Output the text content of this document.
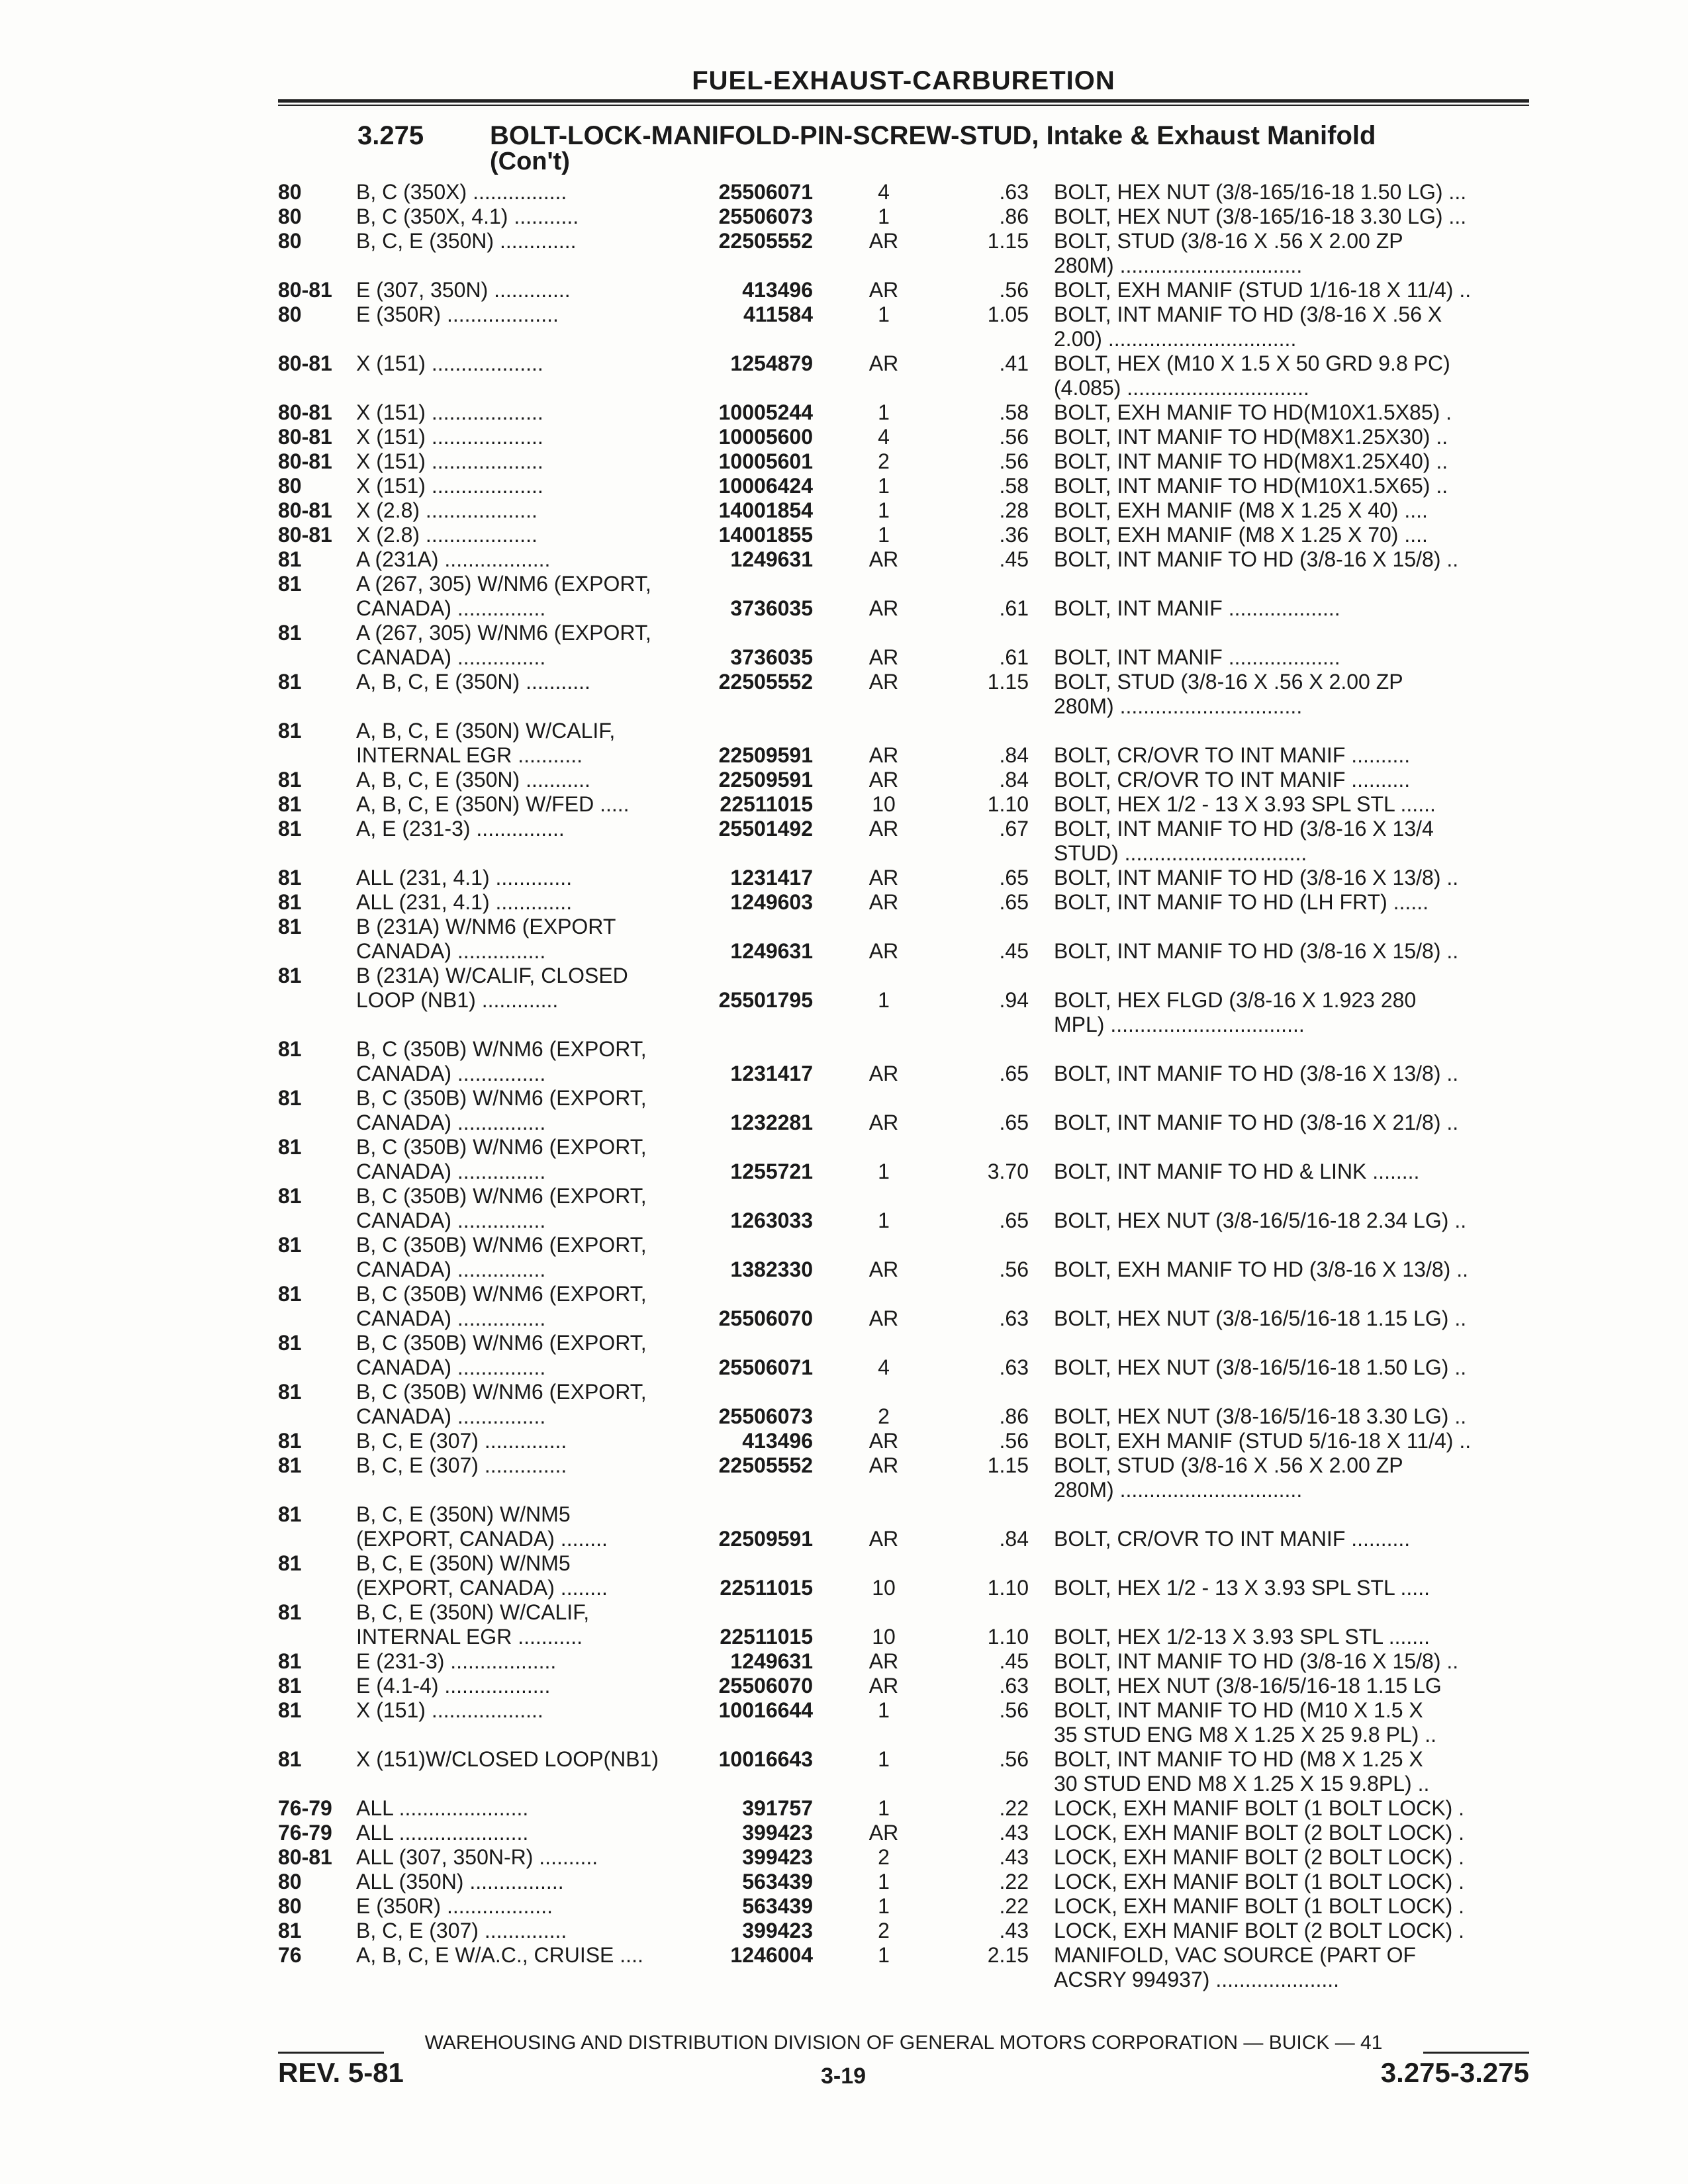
FUEL-EXHAUST-CARBURETION
3.275 BOLT-LOCK-MANIFOLD-PIN-SCREW-STUD, Intake & Exhaust Manifold
(Con't)
80	B, C (350X) ................	25506071	4	.63 BOLT, HEX NUT (3/8-165/16-18 1.50 LG) ...
80	B, C (350X, 4.1) ...........	25506073	1	.86 BOLT, HEX NUT (3/8-165/16-18 3.30 LG) ...
80	B, C, E (350N) .............	22505552	AR	1.15 BOLT, STUD (3/8-16 X .56 X 2.00 ZP
280M) ...............................
80-81 E (307, 350N) .............	413496	AR	.56 BOLT, EXH MANIF (STUD 1/16-18 X 11/4) ..
80	E (350R) ...................	411584	1	1.05 BOLT, INT MANIF TO HD (3/8-16 X .56 X
2.00) ................................
80-81 X (151) ...................	1254879	AR	.41 BOLT, HEX (M10 X 1.5 X 50 GRD 9.8 PC)
(4.085) ...............................
80-81 X (151) ...................	10005244	1	.58 BOLT, EXH MANIF TO HD(M10X1.5X85) .
80-81 X (151) ...................	10005600	4	.56 BOLT, INT MANIF TO HD(M8X1.25X30) ..
80-81 X (151) ...................	10005601	2	.56 BOLT, INT MANIF TO HD(M8X1.25X40) ..
80	X (151) ...................	10006424	1	.58 BOLT, INT MANIF TO HD(M10X1.5X65) ..
80-81 X (2.8) ...................	14001854	1	.28 BOLT, EXH MANIF (M8 X 1.25 X 40) ....
80-81 X (2.8) ...................	14001855	1	.36 BOLT, EXH MANIF (M8 X 1.25 X 70) ....
81	A (231A) ..................	1249631	AR	.45 BOLT, INT MANIF TO HD (3/8-16 X 15/8) ..
81	A (267, 305) W/NM6 (EXPORT,
CANADA) ...............	3736035	AR	.61 BOLT, INT MANIF ...................
81	A (267, 305) W/NM6 (EXPORT,
CANADA) ...............	3736035	AR	.61 BOLT, INT MANIF ...................
81	A, B, C, E (350N) ...........	22505552	AR	1.15 BOLT, STUD (3/8-16 X .56 X 2.00 ZP
280M) ...............................
81	A, B, C, E (350N) W/CALIF,
INTERNAL EGR ...........	22509591	AR	.84 BOLT, CR/OVR TO INT MANIF ..........
81	A, B, C, E (350N) ...........	22509591	AR	.84 BOLT, CR/OVR TO INT MANIF ..........
81	A, B, C, E (350N) W/FED .....	22511015	10	1.10 BOLT, HEX 1/2 - 13 X 3.93 SPL STL ......
81	A, E (231-3) ...............	25501492	AR	.67 BOLT, INT MANIF TO HD (3/8-16 X 13/4
STUD) ...............................
81	ALL (231, 4.1) .............	1231417	AR	.65 BOLT, INT MANIF TO HD (3/8-16 X 13/8) ..
81	ALL (231, 4.1) .............	1249603	AR	.65 BOLT, INT MANIF TO HD (LH FRT) ......
81	B (231A) W/NM6 (EXPORT
CANADA) ...............	1249631	AR	.45 BOLT, INT MANIF TO HD (3/8-16 X 15/8) ..
81	B (231A) W/CALIF, CLOSED
LOOP (NB1) .............	25501795	1	.94 BOLT, HEX FLGD (3/8-16 X 1.923 280
MPL) .................................
81	B, C (350B) W/NM6 (EXPORT,
CANADA) ...............	1231417	AR	.65 BOLT, INT MANIF TO HD (3/8-16 X 13/8) ..
81	B, C (350B) W/NM6 (EXPORT,
CANADA) ...............	1232281	AR	.65 BOLT, INT MANIF TO HD (3/8-16 X 21/8) ..
81	B, C (350B) W/NM6 (EXPORT,
CANADA) ...............	1255721	1	3.70 BOLT, INT MANIF TO HD & LINK ........
81	B, C (350B) W/NM6 (EXPORT,
CANADA) ...............	1263033	1	.65 BOLT, HEX NUT (3/8-16/5/16-18 2.34 LG) ..
81	B, C (350B) W/NM6 (EXPORT,
CANADA) ...............	1382330	AR	.56 BOLT, EXH MANIF TO HD (3/8-16 X 13/8) ..
81	B, C (350B) W/NM6 (EXPORT,
CANADA) ...............	25506070	AR	.63 BOLT, HEX NUT (3/8-16/5/16-18 1.15 LG) ..
81	B, C (350B) W/NM6 (EXPORT,
CANADA) ...............	25506071	4	.63 BOLT, HEX NUT (3/8-16/5/16-18 1.50 LG) ..
81	B, C (350B) W/NM6 (EXPORT,
CANADA) ...............	25506073	2	.86 BOLT, HEX NUT (3/8-16/5/16-18 3.30 LG) ..
81	B, C, E (307) ..............	413496	AR	.56 BOLT, EXH MANIF (STUD 5/16-18 X 11/4) ..
81	B, C, E (307) ..............	22505552	AR	1.15 BOLT, STUD (3/8-16 X .56 X 2.00 ZP
280M) ...............................
81	B, C, E (350N) W/NM5
(EXPORT, CANADA) ........	22509591	AR	.84 BOLT, CR/OVR TO INT MANIF ..........
81	B, C, E (350N) W/NM5
(EXPORT, CANADA) ........	22511015	10	1.10 BOLT, HEX 1/2 - 13 X 3.93 SPL STL .....
81	B, C, E (350N) W/CALIF,
INTERNAL EGR ...........	22511015	10	1.10 BOLT, HEX 1/2-13 X 3.93 SPL STL .......
81	E (231-3) ..................	1249631	AR	.45 BOLT, INT MANIF TO HD (3/8-16 X 15/8) ..
81	E (4.1-4) ..................	25506070	AR	.63 BOLT, HEX NUT (3/8-16/5/16-18 1.15 LG
81	X (151) ...................	10016644	1	.56 BOLT, INT MANIF TO HD (M10 X 1.5 X
35 STUD ENG M8 X 1.25 X 25 9.8 PL) ..
81	X (151)W/CLOSED LOOP(NB1)	10016643	1	.56 BOLT, INT MANIF TO HD (M8 X 1.25 X
30 STUD END M8 X 1.25 X 15 9.8PL) ..
76-79 ALL ......................	391757	1	.22 LOCK, EXH MANIF BOLT (1 BOLT LOCK) .
76-79 ALL ......................	399423	AR	.43 LOCK, EXH MANIF BOLT (2 BOLT LOCK) .
80-81 ALL (307, 350N-R) ..........	399423	2	.43 LOCK, EXH MANIF BOLT (2 BOLT LOCK) .
80	ALL (350N) ................	563439	1	.22 LOCK, EXH MANIF BOLT (1 BOLT LOCK) .
80	E (350R) ..................	563439	1	.22 LOCK, EXH MANIF BOLT (1 BOLT LOCK) .
81	B, C, E (307) ..............	399423	2	.43 LOCK, EXH MANIF BOLT (2 BOLT LOCK) .
76	A, B, C, E W/A.C., CRUISE ....	1246004	1	2.15 MANIFOLD, VAC SOURCE (PART OF
ACSRY 994937) .....................
WAREHOUSING AND DISTRIBUTION DIVISION OF GENERAL MOTORS CORPORATION — BUICK — 41
REV. 5-81	3-19	3.275-3.275
